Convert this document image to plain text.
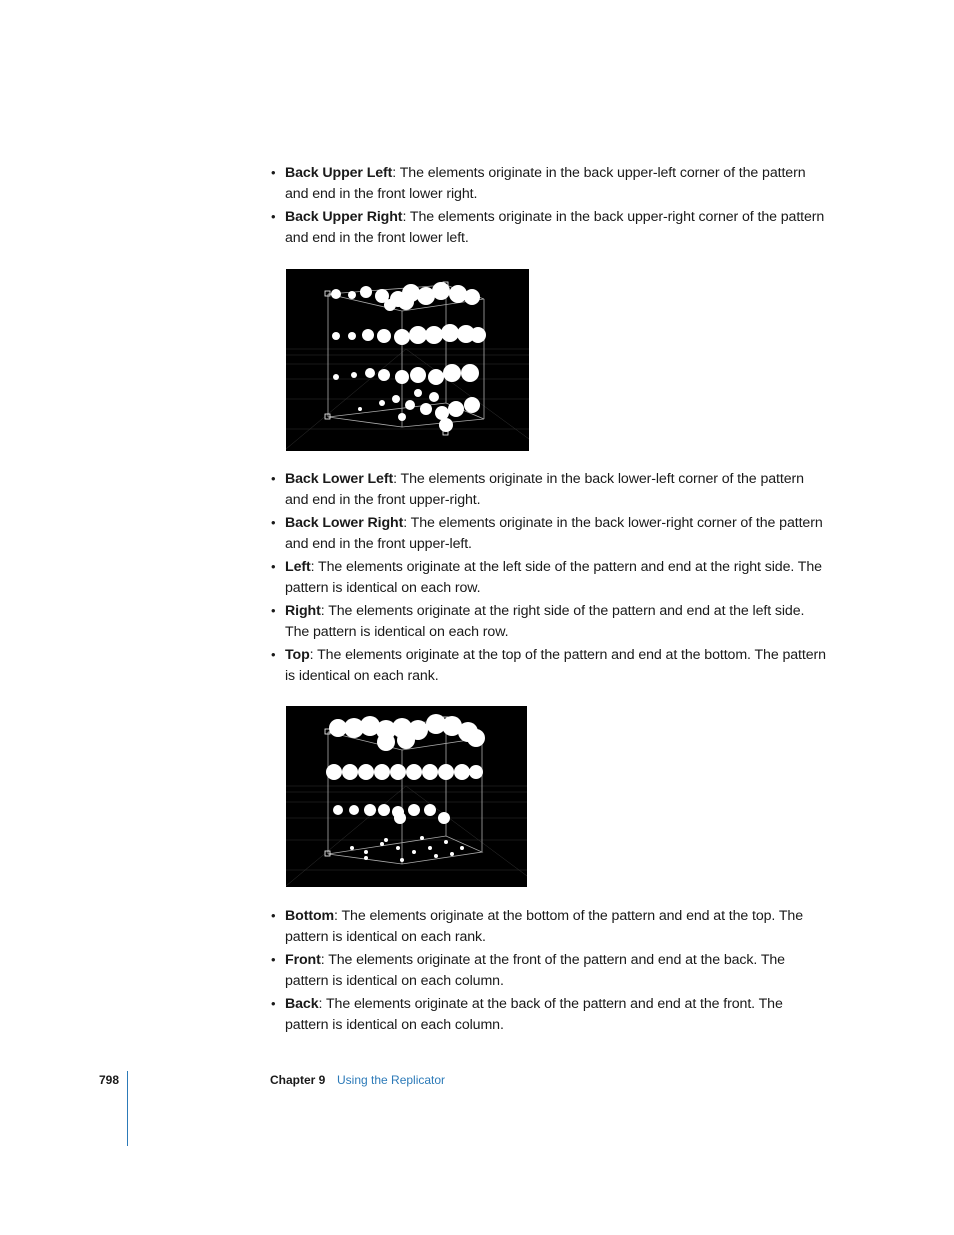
• Back Upper Left: The elements originate in the back upper-left corner of the pattern and end in the front lower right.
• Back Upper Right: The elements originate in the back upper-right corner of the pattern and end in the front lower left.
• Back Lower Left: The elements originate in the back lower-left corner of the pattern and end in the front upper-right.
• Back Lower Right: The elements originate in the back lower-right corner of the pattern and end in the front upper-left.
• Left: The elements originate at the left side of the pattern and end at the right side. The pattern is identical on each row.
• Right: The elements originate at the right side of the pattern and end at the left side. The pattern is identical on each row.
• Top: The elements originate at the top of the pattern and end at the bottom. The pattern is identical on each rank.
• Bottom: The elements originate at the bottom of the pattern and end at the top. The pattern is identical on each rank.
• Front: The elements originate at the front of the pattern and end at the back. The pattern is identical on each column.
• Back: The elements originate at the back of the pattern and end at the front. The pattern is identical on each column.
798	Chapter 9 Using the Replicator
